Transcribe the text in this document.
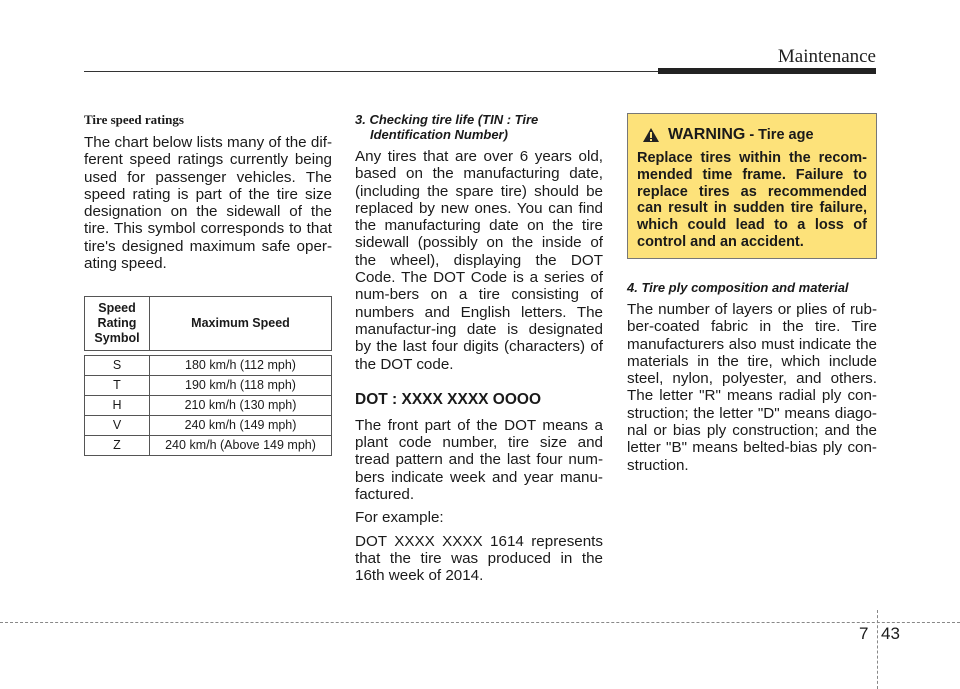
Maintenance
Tire speed ratings

The chart below lists many of the dif-ferent speed ratings currently being used for passenger vehicles. The speed rating is part of the tire size designation on the sidewall of the tire. This symbol corresponds to that tire's designed maximum safe oper-ating speed.

Speed
Rating
Symbol	Maximum Speed

S	180 km/h (112 mph)
T	190 km/h (118 mph)
H	210 km/h (130 mph)
V	240 km/h (149 mph)
Z	240 km/h (Above 149 mph)
3. Checking tire life (TIN : Tire
Identification Number)

Any tires that are over 6 years old, based on the manufacturing date, (including the spare tire) should be replaced by new ones. You can find the manufacturing date on the tire sidewall (possibly on the inside of the wheel), displaying the DOT Code. The DOT Code is a series of num-bers on a tire consisting of numbers and English letters. The manufactur-ing date is designated by the last four digits (characters) of the DOT code.

DOT : XXXX XXXX OOOO

The front part of the DOT means a plant code number, tire size and tread pattern and the last four num-bers indicate week and year manu-factured.

For example:

DOT XXXX XXXX 1614 represents that the tire was produced in the 16th week of 2014.

WARNING - Tire age
Replace tires within the recom-mended time frame. Failure to replace tires as recommended can result in sudden tire failure, which could lead to a loss of control and an accident.
4. Tire ply composition and material

The number of layers or plies of rub-ber-coated fabric in the tire. Tire manufacturers also must indicate the materials in the tire, which include steel, nylon, polyester, and others. The letter "R" means radial ply con-struction; the letter "D" means diago-nal or bias ply construction; and the letter "B" means belted-bias ply con-struction.

7 43
